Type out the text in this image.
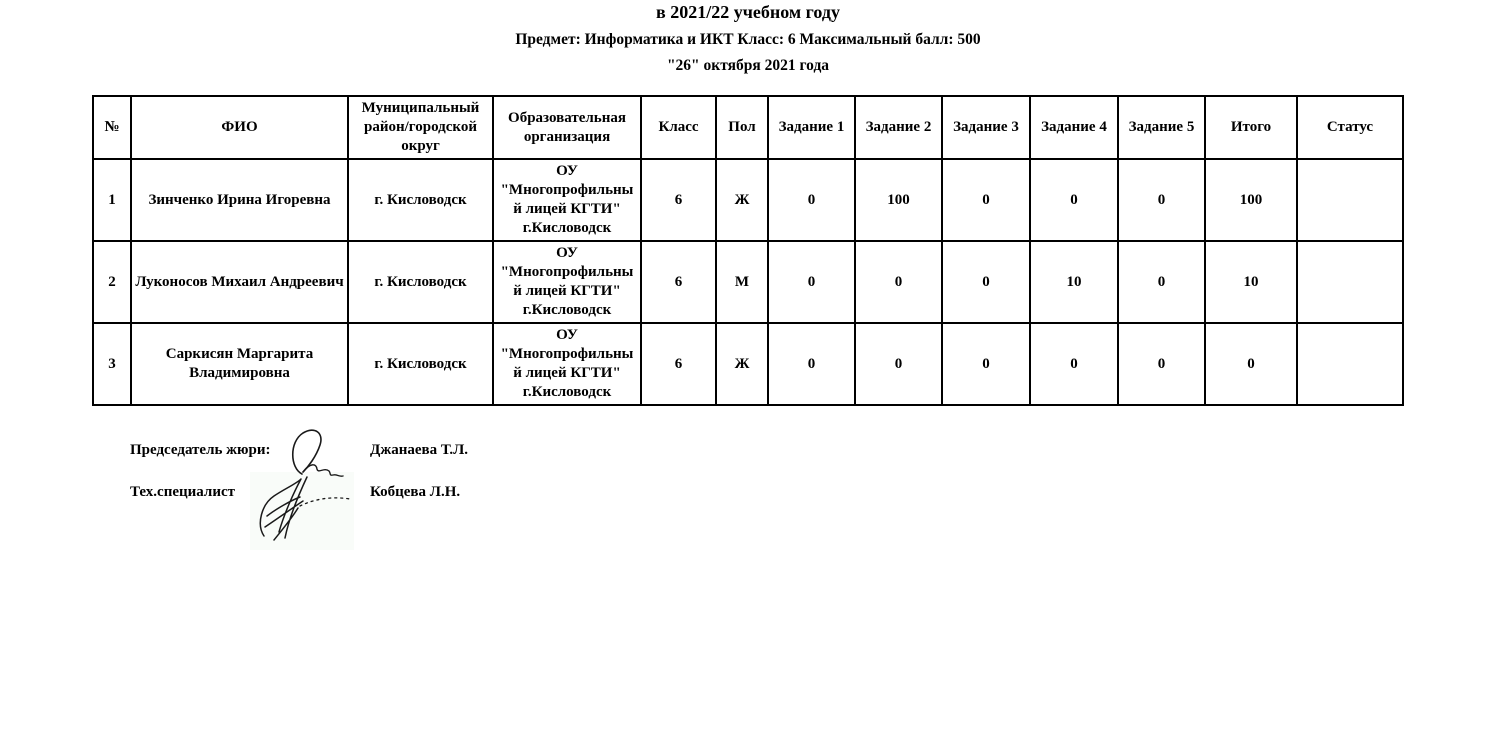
в 2021/22 учебном году
Предмет: Информатика и ИКТ Класс: 6 Максимальный балл: 500
"26" октября 2021 года
№	ФИО	Муниципальный район/городской округ	Образовательная организация	Класс	Пол	Задание 1	Задание 2	Задание 3	Задание 4	Задание 5	Итого	Статус
1	Зинченко Ирина Игоревна	г. Кисловодск	ОУ "Многопрофильный лицей КГТИ" г.Кисловодск	6	Ж	0	100	0	0	0	100	
2	Луконосов Михаил Андреевич	г. Кисловодск	ОУ "Многопрофильный лицей КГТИ" г.Кисловодск	6	М	0	0	0	10	0	10	
3	Саркисян Маргарита Владимировна	г. Кисловодск	ОУ "Многопрофильный лицей КГТИ" г.Кисловодск	6	Ж	0	0	0	0	0	0	
Председатель жюри:	Джанаева Т.Л.
Тех.специалист	Кобцева Л.Н.
